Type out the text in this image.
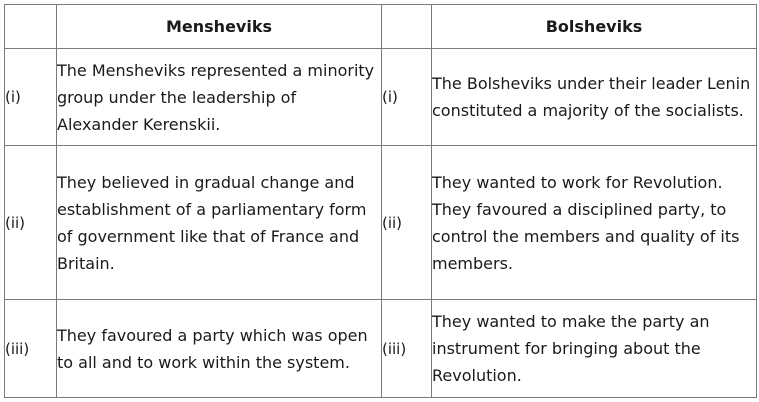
	Mensheviks		Bolsheviks
(i)	The Mensheviks represented a minority group under the leadership of Alexander Kerenskii.	(i)	The Bolsheviks under their leader Lenin constituted a majority of the socialists.
(ii)	They believed in gradual change and establishment of a parliamentary form of government like that of France and Britain.	(ii)	They wanted to work for Revolution. They favoured a disciplined party, to control the members and quality of its members.
(iii)	They favoured a party which was open to all and to work within the system.	(iii)	They wanted to make the party an instrument for bringing about the Revolution.
